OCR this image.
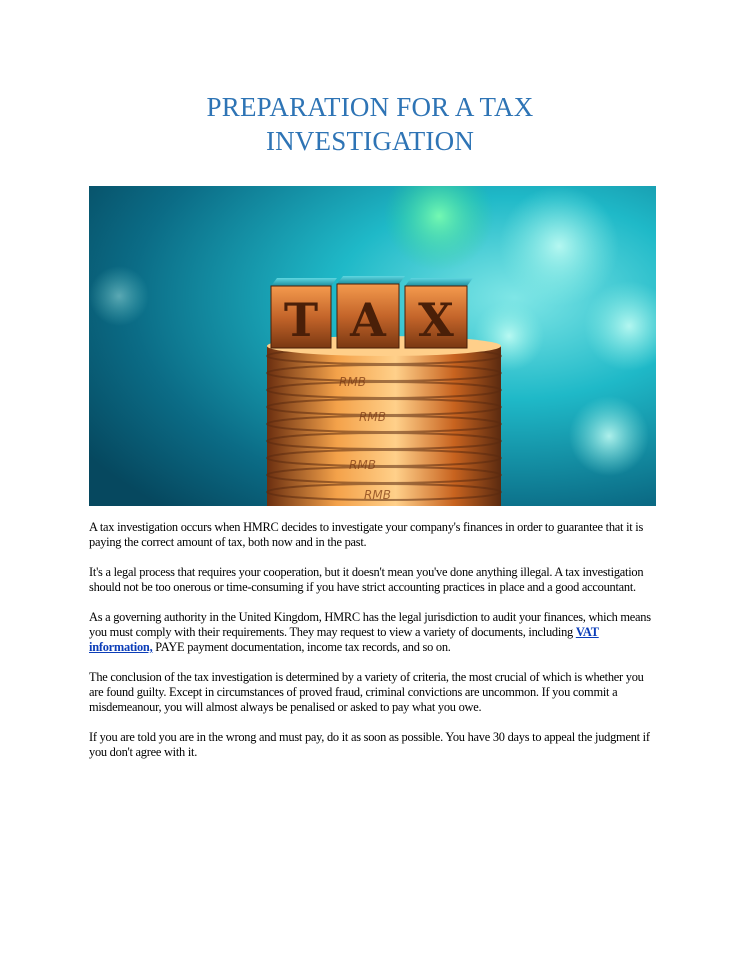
PREPARATION FOR A TAX
INVESTIGATION
RMB
RMB
RMB
RMB
T A X

A tax investigation occurs when HMRC decides to investigate your company's finances in order to guarantee that it is paying the correct amount of tax, both now and in the past.

It's a legal process that requires your cooperation, but it doesn't mean you've done anything illegal. A tax investigation should not be too onerous or time-consuming if you have strict accounting practices in place and a good accountant.

As a governing authority in the United Kingdom, HMRC has the legal jurisdiction to audit your finances, which means you must comply with their requirements. They may request to view a variety of documents, including VAT information, PAYE payment documentation, income tax records, and so on.

The conclusion of the tax investigation is determined by a variety of criteria, the most crucial of which is whether you are found guilty. Except in circumstances of proved fraud, criminal convictions are uncommon. If you commit a misdemeanour, you will almost always be penalised or asked to pay what you owe.

If you are told you are in the wrong and must pay, do it as soon as possible. You have 30 days to appeal the judgment if you don't agree with it.
